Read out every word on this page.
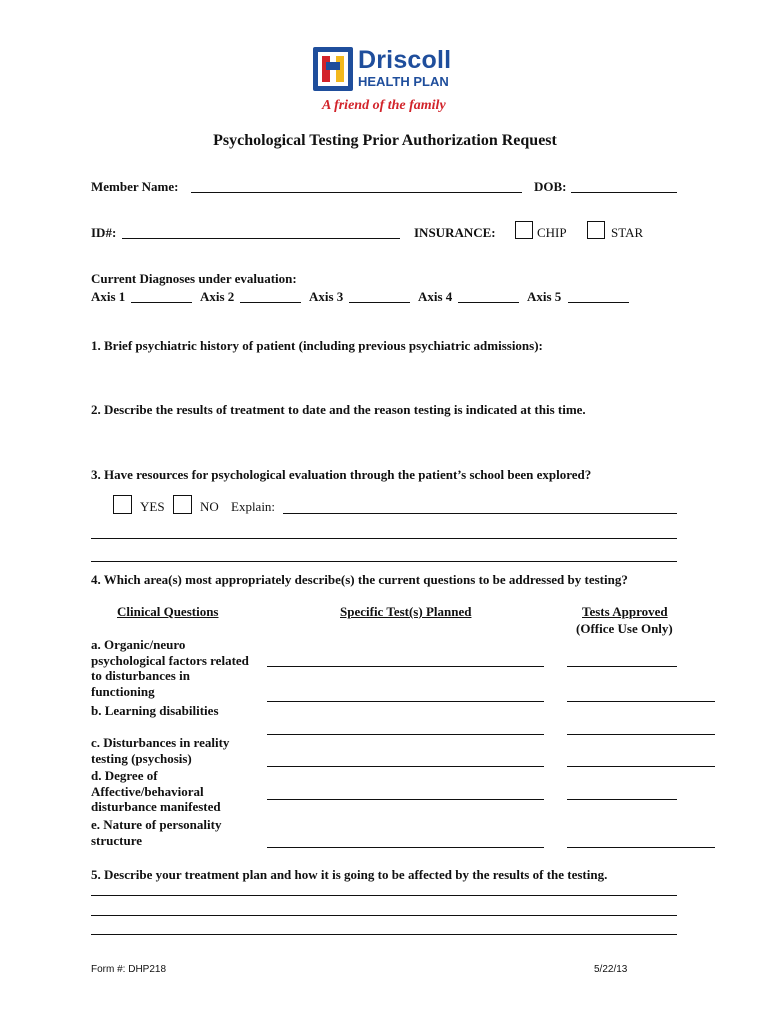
Driscoll
HEALTH PLAN
A friend of the family
Psychological Testing Prior Authorization Request
Member Name:	DOB:
ID#:	INSURANCE:	CHIP	STAR
Current Diagnoses under evaluation:
Axis 1	Axis 2	Axis 3	Axis 4	Axis 5
1. Brief psychiatric history of patient (including previous psychiatric admissions):
2. Describe the results of treatment to date and the reason testing is indicated at this time.
3. Have resources for psychological evaluation through the patient’s school been explored?
YES	NO Explain:
4. Which area(s) most appropriately describe(s) the current questions to be addressed by testing?
Clinical Questions	Specific Test(s) Planned	Tests Approved
(Office Use Only)
a. Organic/neuro psychological factors related to disturbances in functioning
b. Learning disabilities
c. Disturbances in reality testing (psychosis)
d. Degree of Affective/behavioral disturbance manifested
e. Nature of personality structure
5. Describe your treatment plan and how it is going to be affected by the results of the testing.
Form #: DHP218	5/22/13
